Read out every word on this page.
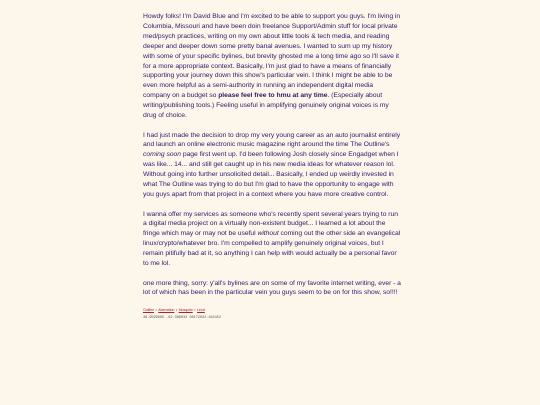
Howdy folks! I'm David Blue and I'm excited to be able to support you guys. I'm living in Columbia, Missouri and have been doin freelance Support/Admin stuff for local private med/psych practices, writing on my own about little tools & tech media, and reading deeper and deeper down some pretty banal avenues. I wanted to sum up my history with some of your specific bylines, but brevity ghosted me a long time ago so I'll save it for a more appropriate context. Basically, I'm just glad to have a means of financially supporting your journey down this show's particular vein. I think I might be able to be even more helpful as a semi-authority in running an independent digital media company on a budget so please feel free to hmu at any time. (Especially about writing/publishing tools.) Feeling useful in amplifying genuinely original voices is my drug of choice.

I had just made the decision to drop my very young career as an auto journalist entirely and launch an online electronic music magazine right around the time The Outline's coming soon page first went up. I'd been following Josh closely since Engadget when I was like... 14... and still get caught up in his new media ideas for whatever reason lol. Without going into further unsolicited detail... Basically, I ended up weirdly invested in what The Outline was trying to do but I'm glad to have the opportunity to engage with you guys apart from that project in a context where you have more creative control.

I wanna offer my services as someone who's recently spent several years trying to run a digital media project on a virtually non-existent budget... I learned a lot about the fringe which may or may not be useful without coming out the other side an evangelical linux/crypto/whatever bro. I'm compelled to amplify genuinely original voices, but I remain pitifully bad at it, so anything I can help with would actually be a personal favor to me lol.

one more thing, sorry: y'all's bylines are on some of my favorite internet writing, ever - a lot of which has been in the particular vein you guys seem to be on for this show, so!!!!

Outline • Aberration • Mosquito • Leod
38.9599995 -92.368033 08172022-182452
